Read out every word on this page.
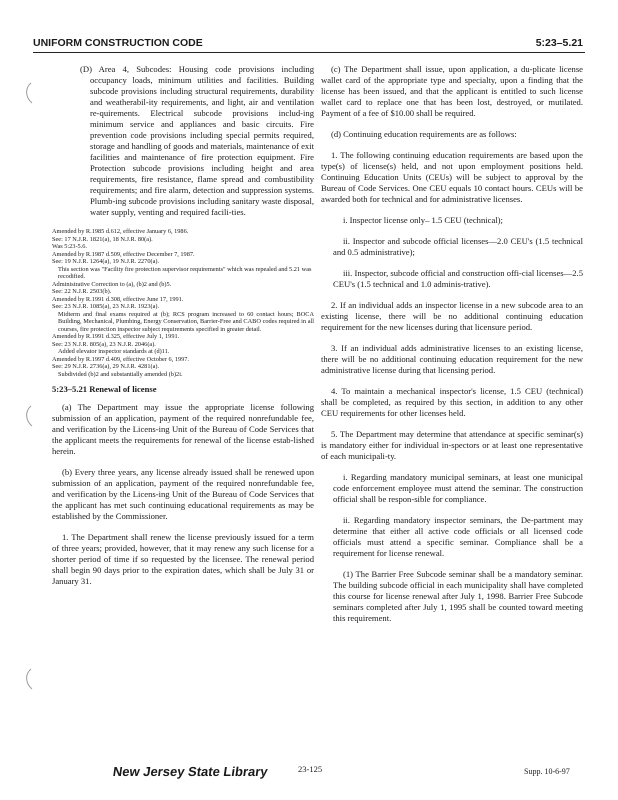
UNIFORM CONSTRUCTION CODE	5:23–5.21

(D) Area 4, Subcodes: Housing code provisions including occupancy loads, minimum utilities and facilities. Building subcode provisions including structural requirements, durability and weatherabil-ity requirements, and light, air and ventilation re-quirements. Electrical subcode provisions includ-ing minimum service and appliances and basic circuits. Fire prevention code provisions including special permits required, storage and handling of goods and materials, maintenance of exit facilities and maintenance of fire protection equipment. Fire Protection subcode provisions including height and area requirements, fire resistance, flame spread and combustibility requirements; and fire alarm, detection and suppression systems. Plumb-ing subcode provisions including sanitary waste disposal, water supply, venting and required facili-ties.

Amended by R.1985 d.612, effective January 6, 1986.
See: 17 N.J.R. 1821(a), 18 N.J.R. 80(a).
Was 5:23-5.6.
Amended by R.1987 d.509, effective December 7, 1987.
See: 19 N.J.R. 1264(a), 19 N.J.R. 2270(a).
This section was "Facility fire protection supervisor requirements" which was repealed and 5.21 was recodified.
Administrative Correction to (a), (b)2 and (b)5.
See: 22 N.J.R. 2503(b).
Amended by R.1991 d.308, effective June 17, 1991.
See: 23 N.J.R. 1085(a), 23 N.J.R. 1923(a).
Midterm and final exams required at (b); RCS program increased to 60 contact hours; BOCA Building, Mechanical, Plumbing, Energy Conservation, Barrier-Free and CABO codes required in all courses, fire protection inspector subject requirements specified in greater detail.
Amended by R.1991 d.325, effective July 1, 1991.
See: 23 N.J.R. 805(a), 23 N.J.R. 2046(a).
Added elevator inspector standards at (d)11.
Amended by R.1997 d.409, effective October 6, 1997.
See: 29 N.J.R. 2736(a), 29 N.J.R. 4281(a).
Subdivided (b)2 and substantially amended (b)2i.
5:23–5.21 Renewal of license

(a) The Department may issue the appropriate license following submission of an application, payment of the required nonrefundable fee, and verification by the Licens-ing Unit of the Bureau of Code Services that the applicant meets the requirements for renewal of the license estab-lished herein.

(b) Every three years, any license already issued shall be renewed upon submission of an application, payment of the required nonrefundable fee, and verification by the Licens-ing Unit of the Bureau of Code Services that the applicant has met such continuing educational requirements as may be established by the Commissioner.

1. The Department shall renew the license previously issued for a term of three years; provided, however, that it may renew any such license for a shorter period of time if so requested by the licensee. The renewal period shall begin 90 days prior to the expiration dates, which shall be July 31 or January 31.

(c) The Department shall issue, upon application, a du-plicate license wallet card of the appropriate type and specialty, upon a finding that the license has been issued, and that the applicant is entitled to such license wallet card to replace one that has been lost, destroyed, or mutilated. Payment of a fee of $10.00 shall be required.

(d) Continuing education requirements are as follows:

1. The following continuing education requirements are based upon the type(s) of license(s) held, and not upon employment positions held. Continuing Education Units (CEUs) will be subject to approval by the Bureau of Code Services. One CEU equals 10 contact hours. CEUs will be awarded both for technical and for administrative licenses.

i. Inspector license only– 1.5 CEU (technical);

ii. Inspector and subcode official licenses—2.0 CEU's (1.5 technical and 0.5 administrative);

iii. Inspector, subcode official and construction offi-cial licenses—2.5 CEU's (1.5 technical and 1.0 adminis-trative).

2. If an individual adds an inspector license in a new subcode area to an existing license, there will be no additional continuing education requirement for the new licenses during that licensure period.

3. If an individual adds administrative licenses to an existing license, there will be no additional continuing education requirement for the new administrative license during that licensing period.

4. To maintain a mechanical inspector's license, 1.5 CEU (technical) shall be completed, as required by this section, in addition to any other CEU requirements for other licenses held.

5. The Department may determine that attendance at specific seminar(s) is mandatory either for individual in-spectors or at least one representative of each municipali-ty.

i. Regarding mandatory municipal seminars, at least one municipal code enforcement employee must attend the seminar. The construction official shall be respon-sible for compliance.

ii. Regarding mandatory inspector seminars, the De-partment may determine that either all active code officials or all licensed code officials must attend a specific seminar. Compliance shall be a requirement for license renewal.

(1) The Barrier Free Subcode seminar shall be a mandatory seminar. The building subcode official in each municipality shall have completed this course for license renewal after July 1, 1998. Barrier Free Subcode seminars completed after July 1, 1995 shall be counted toward meeting this requirement.

New Jersey State Library	23-125	Supp. 10-6-97
